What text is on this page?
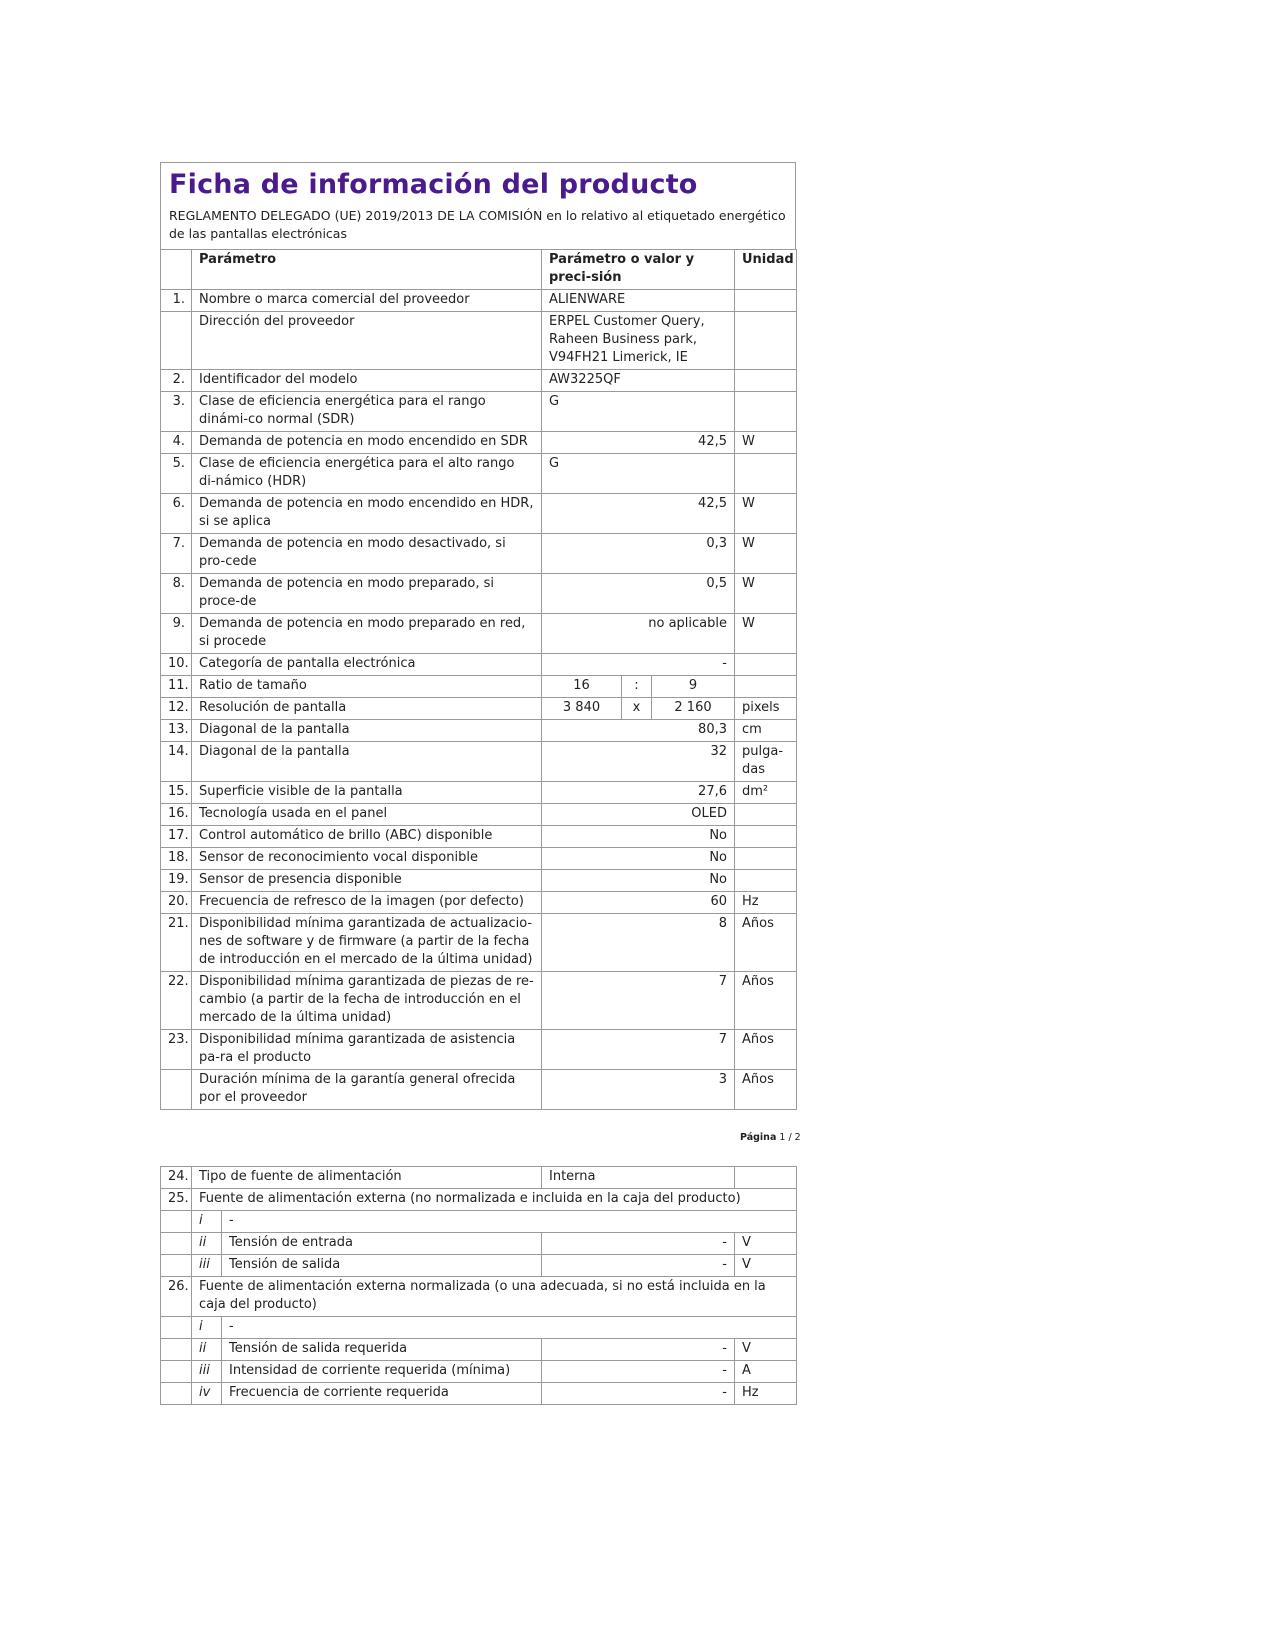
Ficha de información del producto
REGLAMENTO DELEGADO (UE) 2019/2013 DE LA COMISIÓN en lo relativo al etiquetado energético de las pantallas electrónicas
	Parámetro	Parámetro o valor y preci-sión			Unidad
1.	Nombre o marca comercial del proveedor	ALIENWARE			
	Dirección del proveedor	ERPEL Customer Query, Raheen Business park, V94FH21 Limerick, IE			
2.	Identificador del modelo	AW3225QF			
3.	Clase de eficiencia energética para el rango dinámi-co normal (SDR)	G			
4.	Demanda de potencia en modo encendido en SDR	42,5			W
5.	Clase de eficiencia energética para el alto rango di-námico (HDR)	G			
6.	Demanda de potencia en modo encendido en HDR, si se aplica	42,5			W
7.	Demanda de potencia en modo desactivado, si pro-cede	0,3			W
8.	Demanda de potencia en modo preparado, si proce-de	0,5			W
9.	Demanda de potencia en modo preparado en red, si procede	no aplicable			W
10.	Categoría de pantalla electrónica	-			
11.	Ratio de tamaño	16	:	9	
12.	Resolución de pantalla	3 840	x	2 160	pixels
13.	Diagonal de la pantalla	80,3			cm
14.	Diagonal de la pantalla	32			pulga-das
15.	Superficie visible de la pantalla	27,6			dm²
16.	Tecnología usada en el panel	OLED			
17.	Control automático de brillo (ABC) disponible	No			
18.	Sensor de reconocimiento vocal disponible	No			
19.	Sensor de presencia disponible	No			
20.	Frecuencia de refresco de la imagen (por defecto)	60			Hz
21.	Disponibilidad mínima garantizada de actualizacio-nes de software y de firmware (a partir de la fecha de introducción en el mercado de la última unidad)	8			Años
22.	Disponibilidad mínima garantizada de piezas de re-cambio (a partir de la fecha de introducción en el mercado de la última unidad)	7			Años
23.	Disponibilidad mínima garantizada de asistencia pa-ra el producto	7			Años
	Duración mínima de la garantía general ofrecida por el proveedor	3			Años
Página 1 / 2
24.	Tipo de fuente de alimentación		Interna	
25.	Fuente de alimentación externa (no normalizada e incluida en la caja del producto)			
	i	-		
	ii	Tensión de entrada	-	V
	iii	Tensión de salida	-	V
26.	Fuente de alimentación externa normalizada (o una adecuada, si no está incluida en la caja del producto)			
	i	-		
	ii	Tensión de salida requerida	-	V
	iii	Intensidad de corriente requerida (mínima)	-	A
	iv	Frecuencia de corriente requerida	-	Hz
